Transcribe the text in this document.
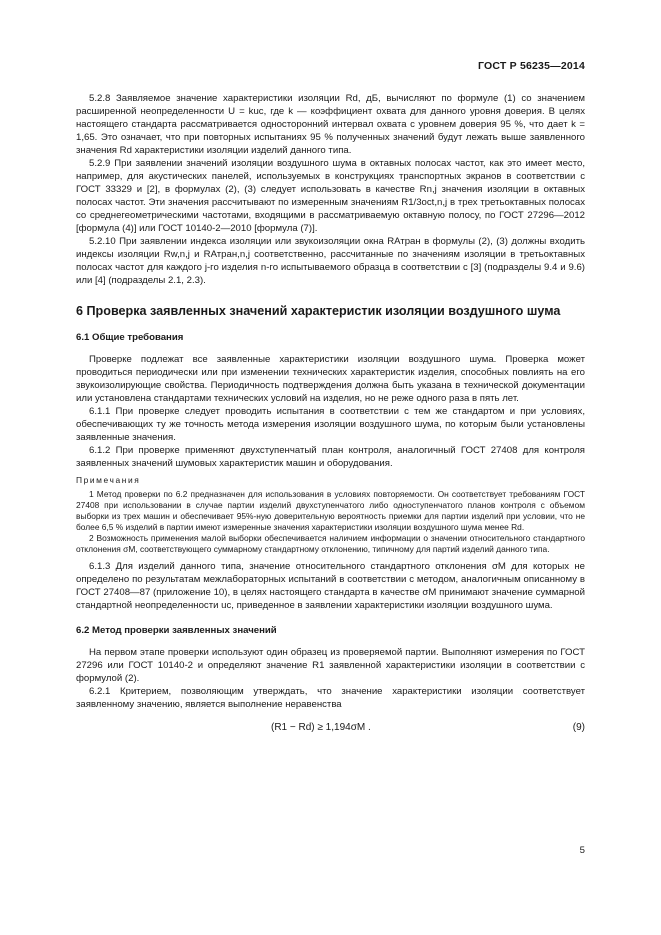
ГОСТ Р 56235—2014

5.2.8 Заявляемое значение характеристики изоляции Rd, дБ, вычисляют по формуле (1) со значением расширенной неопределенности U = kuс, где k — коэффициент охвата для данного уровня доверия. В целях настоящего стандарта рассматривается односторонний интервал охвата с уровнем доверия 95 %, что дает k = 1,65. Это означает, что при повторных испытаниях 95 % полученных значений будут лежать выше заявленного значения Rd характеристики изоляции изделий данного типа.

5.2.9 При заявлении значений изоляции воздушного шума в октавных полосах частот, как это имеет место, например, для акустических панелей, используемых в конструкциях транспортных экранов в соответствии с ГОСТ 33329 и [2], в формулах (2), (3) следует использовать в качестве Rn,j значения изоляции в октавных полосах частот. Эти значения рассчитывают по измеренным значениям R1/3oct,n,j в трех третьоктавных полосах со среднегеометрическими частотами, входящими в рассматриваемую октавную полосу, по ГОСТ 27296—2012 [формула (4)] или ГОСТ 10140-2—2010 [формула (7)].

5.2.10 При заявлении индекса изоляции или звукоизоляции окна RАтран в формулы (2), (3) должны входить индексы изоляции Rw,n,j и RАтран,n,j соответственно, рассчитанные по значениям изоляции в третьоктавных полосах частот для каждого j-го изделия n-го испытываемого образца в соответствии с [3] (подразделы 9.4 и 9.6) или [4] (подразделы 2.1, 2.3).

6 Проверка заявленных значений характеристик изоляции воздушного шума
6.1 Общие требования

Проверке подлежат все заявленные характеристики изоляции воздушного шума. Проверка может проводиться периодически или при изменении технических характеристик изделия, способных повлиять на его звукоизолирующие свойства. Периодичность подтверждения должна быть указана в технической документации или установлена стандартами технических условий на изделия, но не реже одного раза в пять лет.

6.1.1 При проверке следует проводить испытания в соответствии с тем же стандартом и при условиях, обеспечивающих ту же точность метода измерения изоляции воздушного шума, по которым были установлены заявленные значения.

6.1.2 При проверке применяют двухступенчатый план контроля, аналогичный ГОСТ 27408 для контроля заявленных значений шумовых характеристик машин и оборудования.

Примечания

1 Метод проверки по 6.2 предназначен для использования в условиях повторяемости. Он соответствует требованиям ГОСТ 27408 при использовании в случае партии изделий двухступенчатого либо одноступенчатого планов контроля с объемом выборки из трех машин и обеспечивает 95%-ную доверительную вероятность приемки для партии изделий при условии, что не более 6,5 % изделий в партии имеют измеренные значения характеристики изоляции воздушного шума менее Rd.

2 Возможность применения малой выборки обеспечивается наличием информации о значении относительного стандартного отклонения σM, соответствующего суммарному стандартному отклонению, типичному для партий изделий данного типа.

6.1.3 Для изделий данного типа, значение относительного стандартного отклонения σM для которых не определено по результатам межлабораторных испытаний в соответствии с методом, аналогичным описанному в ГОСТ 27408—87 (приложение 10), в целях настоящего стандарта в качестве σM принимают значение суммарной стандартной неопределенности uс, приведенное в заявлении характеристики изоляции воздушного шума.

6.2 Метод проверки заявленных значений

На первом этапе проверки используют один образец из проверяемой партии. Выполняют измерения по ГОСТ 27296 или ГОСТ 10140-2 и определяют значение R1 заявленной характеристики изоляции в соответствии с формулой (2).

6.2.1 Критерием, позволяющим утверждать, что значение характеристики изоляции соответствует заявленному значению, является выполнение неравенства

(R1 − Rd) ≥ 1,194σM .	(9)
5
